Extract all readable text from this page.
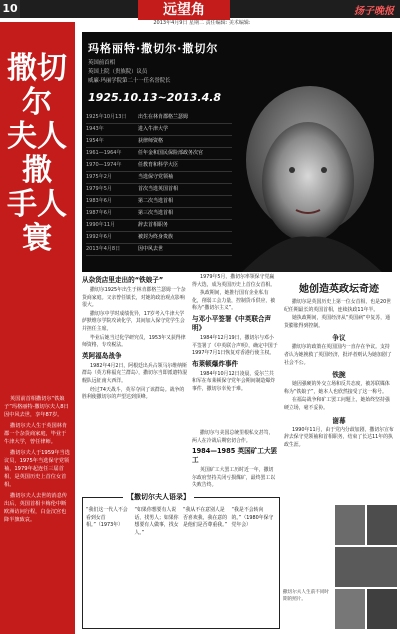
10	远望角	扬子晚报
2013年4月9日 星期二 责任编辑: 美术编辑:
撒切尔
夫人撒
手人寰

英国前首相撒切尔“铁娘子”玛格丽特·撒切尔夫人8日因中风去世，享年87岁。

撒切尔夫人生于英国林肯郡一个杂货商家庭，毕业于牛津大学，曾任律师。

撒切尔夫人于1959年当选议员，1975年当选保守党领袖，1979年起连任三届首相，是英国历史上首位女首相。

撒切尔夫人去世的消息传出后，英国首相卡梅伦中断欧洲访问行程，白金汉宫也降半旗致哀。

玛格丽特·撒切尔·撒切尔
英国前首相
英国上院（贵族院）议员
威廉·玛丽学院第二十一任名誉院长
1925.10.13~2013.4.8
1925年10月13日	出生在林肯郡格兰瑟姆
1943年	进入牛津大学
1954年	获律师资格
1961—1964年	任年金和国民保险部政务次官
1970—1974年	任教育和科学大臣
1975年2月	当选保守党领袖
1979年5月	首次当选英国首相
1983年6月	第二次当选首相
1987年6月	第三次当选首相
1990年11月	辞去首相职务
1992年6月	被封为终身贵族
2013年4月8日	因中风去世
从杂货店里走出的“铁娘子”

撒切尔1925年出生于林肯郡格兰瑟姆一个杂货商家庭。父亲曾任镇长，对她的政治观点影响很大。

撒切尔中学时成绩优异，17岁考入牛津大学萨默维尔学院攻读化学，其间加入保守党学生会并担任主席。

毕业后她当过化学研究员，1953年又获得律师资格，专攻税法。

英阿福岛战争

1982年4月2日，阿根廷出兵占领马尔维纳斯群岛（英方称福克兰群岛），撒切尔当即派遣特混舰队远征南大西洋。

经过74天战斗，英军夺回了该群岛。战争的胜利使撒切尔的声望达到顶峰。

1979年5月，撒切尔率领保守党赢得大选，成为英国历史上首位女首相。

执政期间，她推行国有企业私有化，削弱工会力量，控制货币供应，被称为“撒切尔主义”。

与邓小平签署《中英联合声明》

1984年12月19日，撒切尔与邓小平签署了《中英联合声明》，确定中国于1997年7月1日恢复对香港行使主权。

布莱顿爆炸事件

1984年10月12日凌晨，爱尔兰共和军在布莱顿保守党年会期间制造爆炸事件，撒切尔幸免于难。

她创造英政坛奇迹

撒切尔是英国历史上第一位女首相，也是20世纪任期最长的英国首相，连续执政11年半。

她执政期间，英国经济从“英国病”中复苏，通货膨胀得到控制。

争议

撒切尔的政策在英国国内一直存在争议。支持者认为她挽救了英国经济，批评者则认为她加剧了社会不公。

铁腕

她因强硬的外交立场和反共态度，被苏联媒体称为“铁娘子”，她本人也欣然接受了这一称号。

在福岛战争和矿工罢工问题上，她始终坚持强硬立场，毫不妥协。

谢幕

1990年11月，由于党内分歧加剧，撒切尔宣布辞去保守党领袖和首相职务，结束了长达11年的执政生涯。

撒切尔与美国总统里根私交甚笃，两人在冷战后期密切合作。

1984—1985 英国矿工大罢工

英国矿工大罢工历时近一年，撒切尔政府坚持关闭亏损煤矿，最终罢工以失败告终。

【撒切尔夫人语录】

“我们这一代人不会看到女首相。”（1973年）

“如果你想要有人说话，找男人；如果你想要有人做事，找女人。”

“我从不在意别人是否喜欢我，我在意的是他们是否尊重我。”

“我是不会转向的。”（1980年保守党年会）

撒切尔夫人生前不同时期的照片。
